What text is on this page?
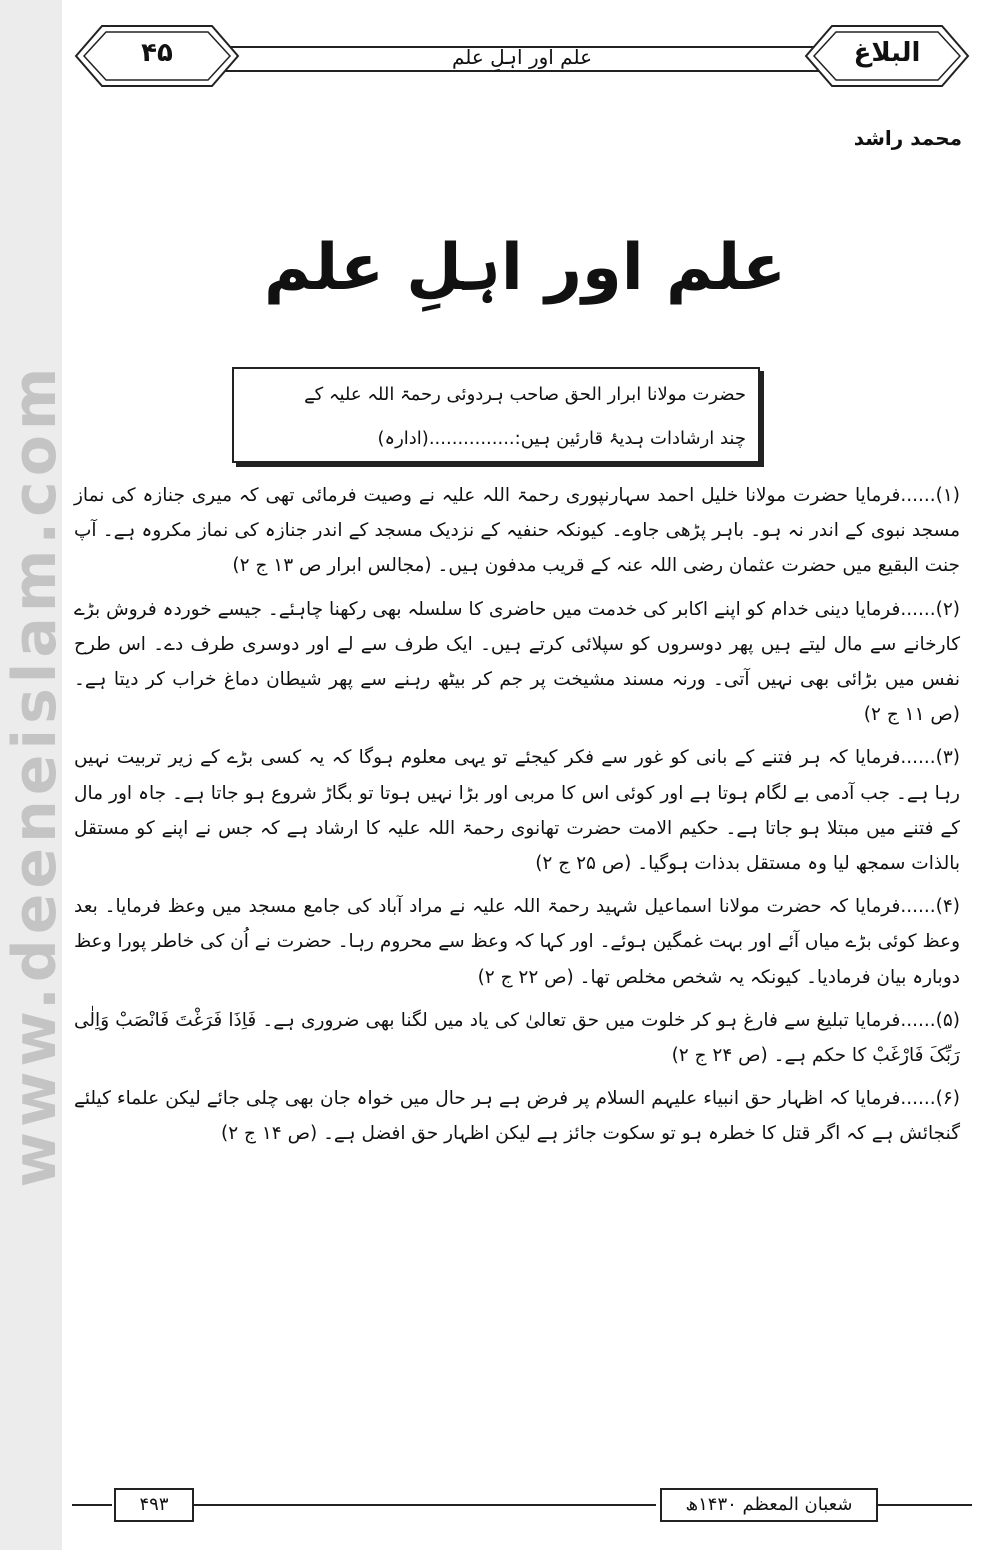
www.deeneislam.com
۴۵	علم اور اہلِ علم	البلاغ
محمد راشد
علم اور اہلِ علم

حضرت مولانا ابرار الحق صاحب ہردوئی رحمۃ اللہ علیہ کے

چند ارشادات ہدیۂ قارئین ہیں:...............(ادارہ)

(۱)......فرمایا حضرت مولانا خلیل احمد سہارنپوری رحمۃ اللہ علیہ نے وصیت فرمائی تھی کہ میری جنازہ کی نماز مسجد نبوی کے اندر نہ ہو۔ باہر پڑھی جاوے۔ کیونکہ حنفیہ کے نزدیک مسجد کے اندر جنازہ کی نماز مکروہ ہے۔ آپ جنت البقیع میں حضرت عثمان رضی اللہ عنہ کے قریب مدفون ہیں۔ (مجالس ابرار ص ۱۳ ج ۲)

(۲)......فرمایا دینی خدام کو اپنے اکابر کی خدمت میں حاضری کا سلسلہ بھی رکھنا چاہئے۔ جیسے خوردہ فروش بڑے کارخانے سے مال لیتے ہیں پھر دوسروں کو سپلائی کرتے ہیں۔ ایک طرف سے لے اور دوسری طرف دے۔ اس طرح نفس میں بڑائی بھی نہیں آتی۔ ورنہ مسند مشیخت پر جم کر بیٹھ رہنے سے پھر شیطان دماغ خراب کر دیتا ہے۔ (ص ۱۱ ج ۲)

(۳)......فرمایا کہ ہر فتنے کے بانی کو غور سے فکر کیجئے تو یہی معلوم ہوگا کہ یہ کسی بڑے کے زیر تربیت نہیں رہا ہے۔ جب آدمی بے لگام ہوتا ہے اور کوئی اس کا مربی اور بڑا نہیں ہوتا تو بگاڑ شروع ہو جاتا ہے۔ جاہ اور مال کے فتنے میں مبتلا ہو جاتا ہے۔ حکیم الامت حضرت تھانوی رحمۃ اللہ علیہ کا ارشاد ہے کہ جس نے اپنے کو مستقل بالذات سمجھ لیا وہ مستقل بدذات ہوگیا۔ (ص ۲۵ ج ۲)

(۴)......فرمایا کہ حضرت مولانا اسماعیل شہید رحمۃ اللہ علیہ نے مراد آباد کی جامع مسجد میں وعظ فرمایا۔ بعد وعظ کوئی بڑے میاں آئے اور بہت غمگین ہوئے۔ اور کہا کہ وعظ سے محروم رہا۔ حضرت نے اُن کی خاطر پورا وعظ دوبارہ بیان فرمادیا۔ کیونکہ یہ شخص مخلص تھا۔ (ص ۲۲ ج ۲)

(۵)......فرمایا تبلیغ سے فارغ ہو کر خلوت میں حق تعالیٰ کی یاد میں لگنا بھی ضروری ہے۔ فَاِذَا فَرَغْتَ فَانْصَبْ وَاِلٰی رَبِّکَ فَارْغَبْ کا حکم ہے۔ (ص ۲۴ ج ۲)

(۶)......فرمایا کہ اظہار حق انبیاء علیہم السلام پر فرض ہے ہر حال میں خواہ جان بھی چلی جائے لیکن علماء کیلئے گنجائش ہے کہ اگر قتل کا خطرہ ہو تو سکوت جائز ہے لیکن اظہار حق افضل ہے۔ (ص ۱۴ ج ۲)

۴۹۳	شعبان المعظم ۱۴۳۰ھ
